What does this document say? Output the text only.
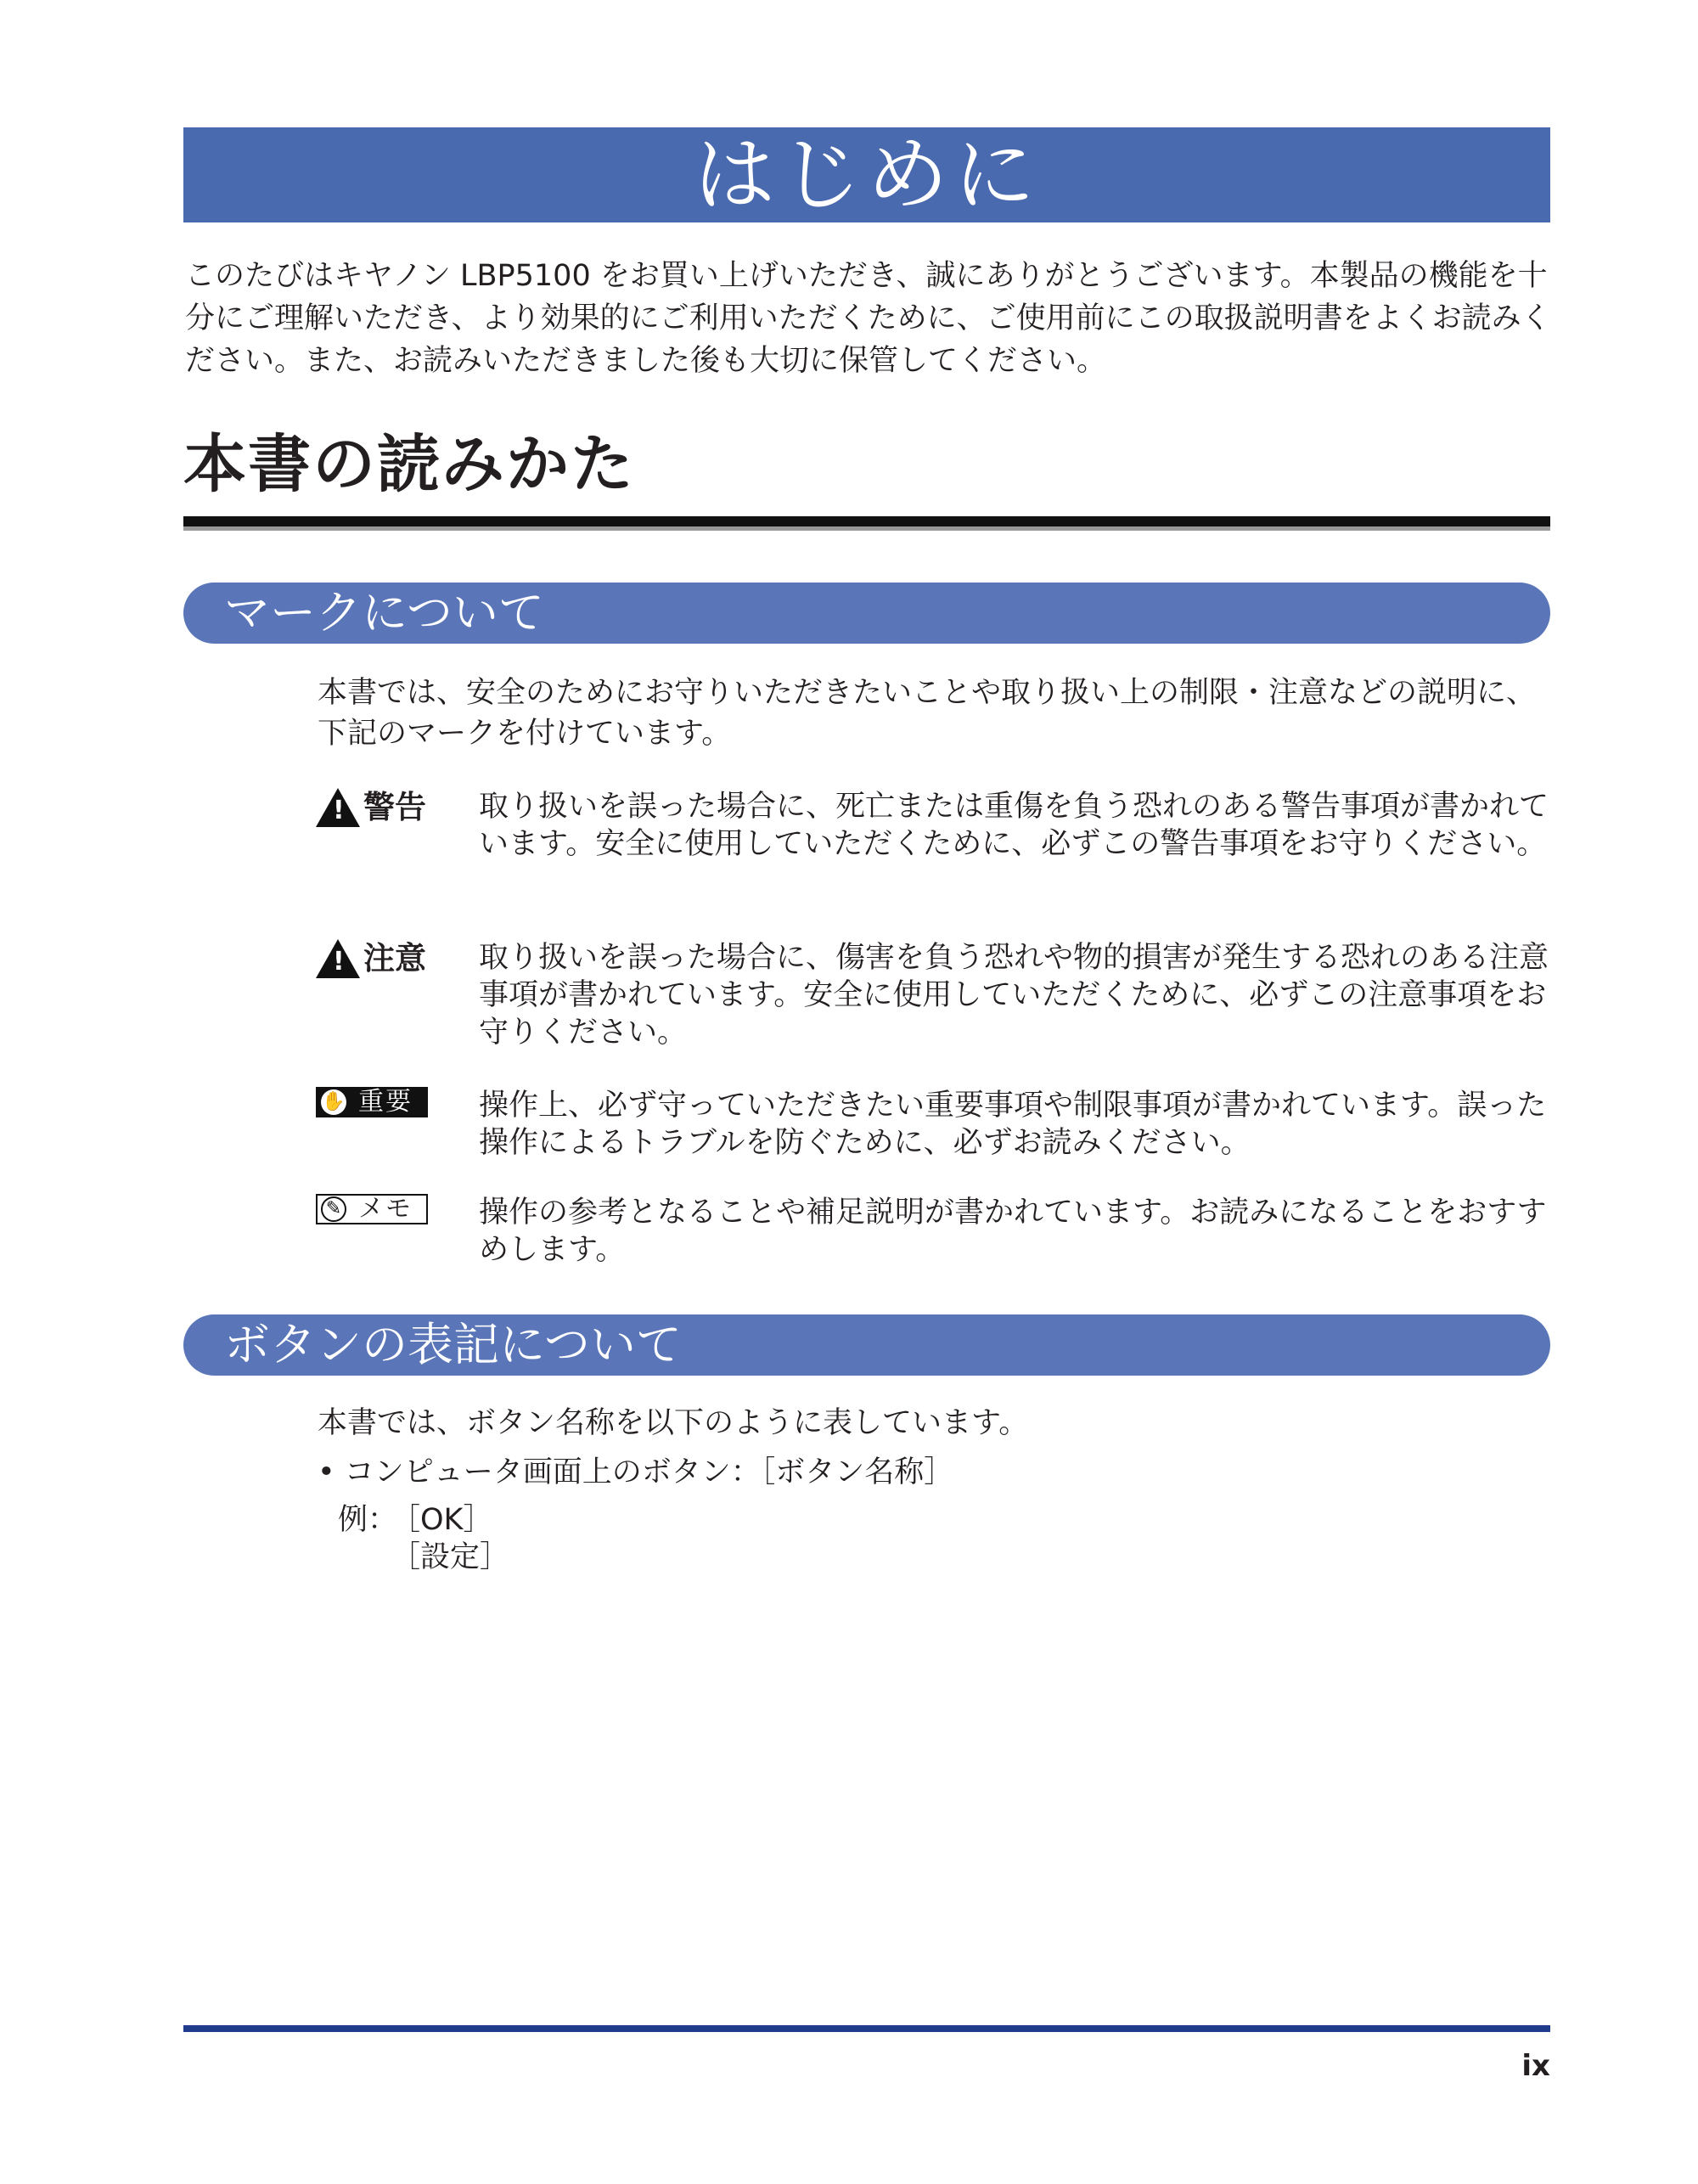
はじめに

このたびはキヤノン LBP5100 をお買い上げいただき、誠にありがとうございます。本製品の機能を十分にご理解いただき、より効果的にご利用いただくために、ご使用前にこの取扱説明書をよくお読みください。また、お読みいただきました後も大切に保管してください。

本書の読みかた
マークについて

本書では、安全のためにお守りいただきたいことや取り扱い上の制限・注意などの説明に、下記のマークを付けています。

!
警告 取り扱いを誤った場合に、死亡または重傷を負う恐れのある警告事項が書かれています。安全に使用していただくために、必ずこの警告事項をお守りください。

!
注意 取り扱いを誤った場合に、傷害を負う恐れや物的損害が発生する恐れのある注意事項が書かれています。安全に使用していただくために、必ずこの注意事項をお守りください。

✋ 重要 操作上、必ず守っていただきたい重要事項や制限事項が書かれています。誤った操作によるトラブルを防ぐために、必ずお読みください。

✎ メモ 操作の参考となることや補足説明が書かれています。お読みになることをおすすめします。

ボタンの表記について

本書では、ボタン名称を以下のように表しています。

• コンピュータ画面上のボタン：［ボタン名称］

例：

［OK］

［設定］

ix
